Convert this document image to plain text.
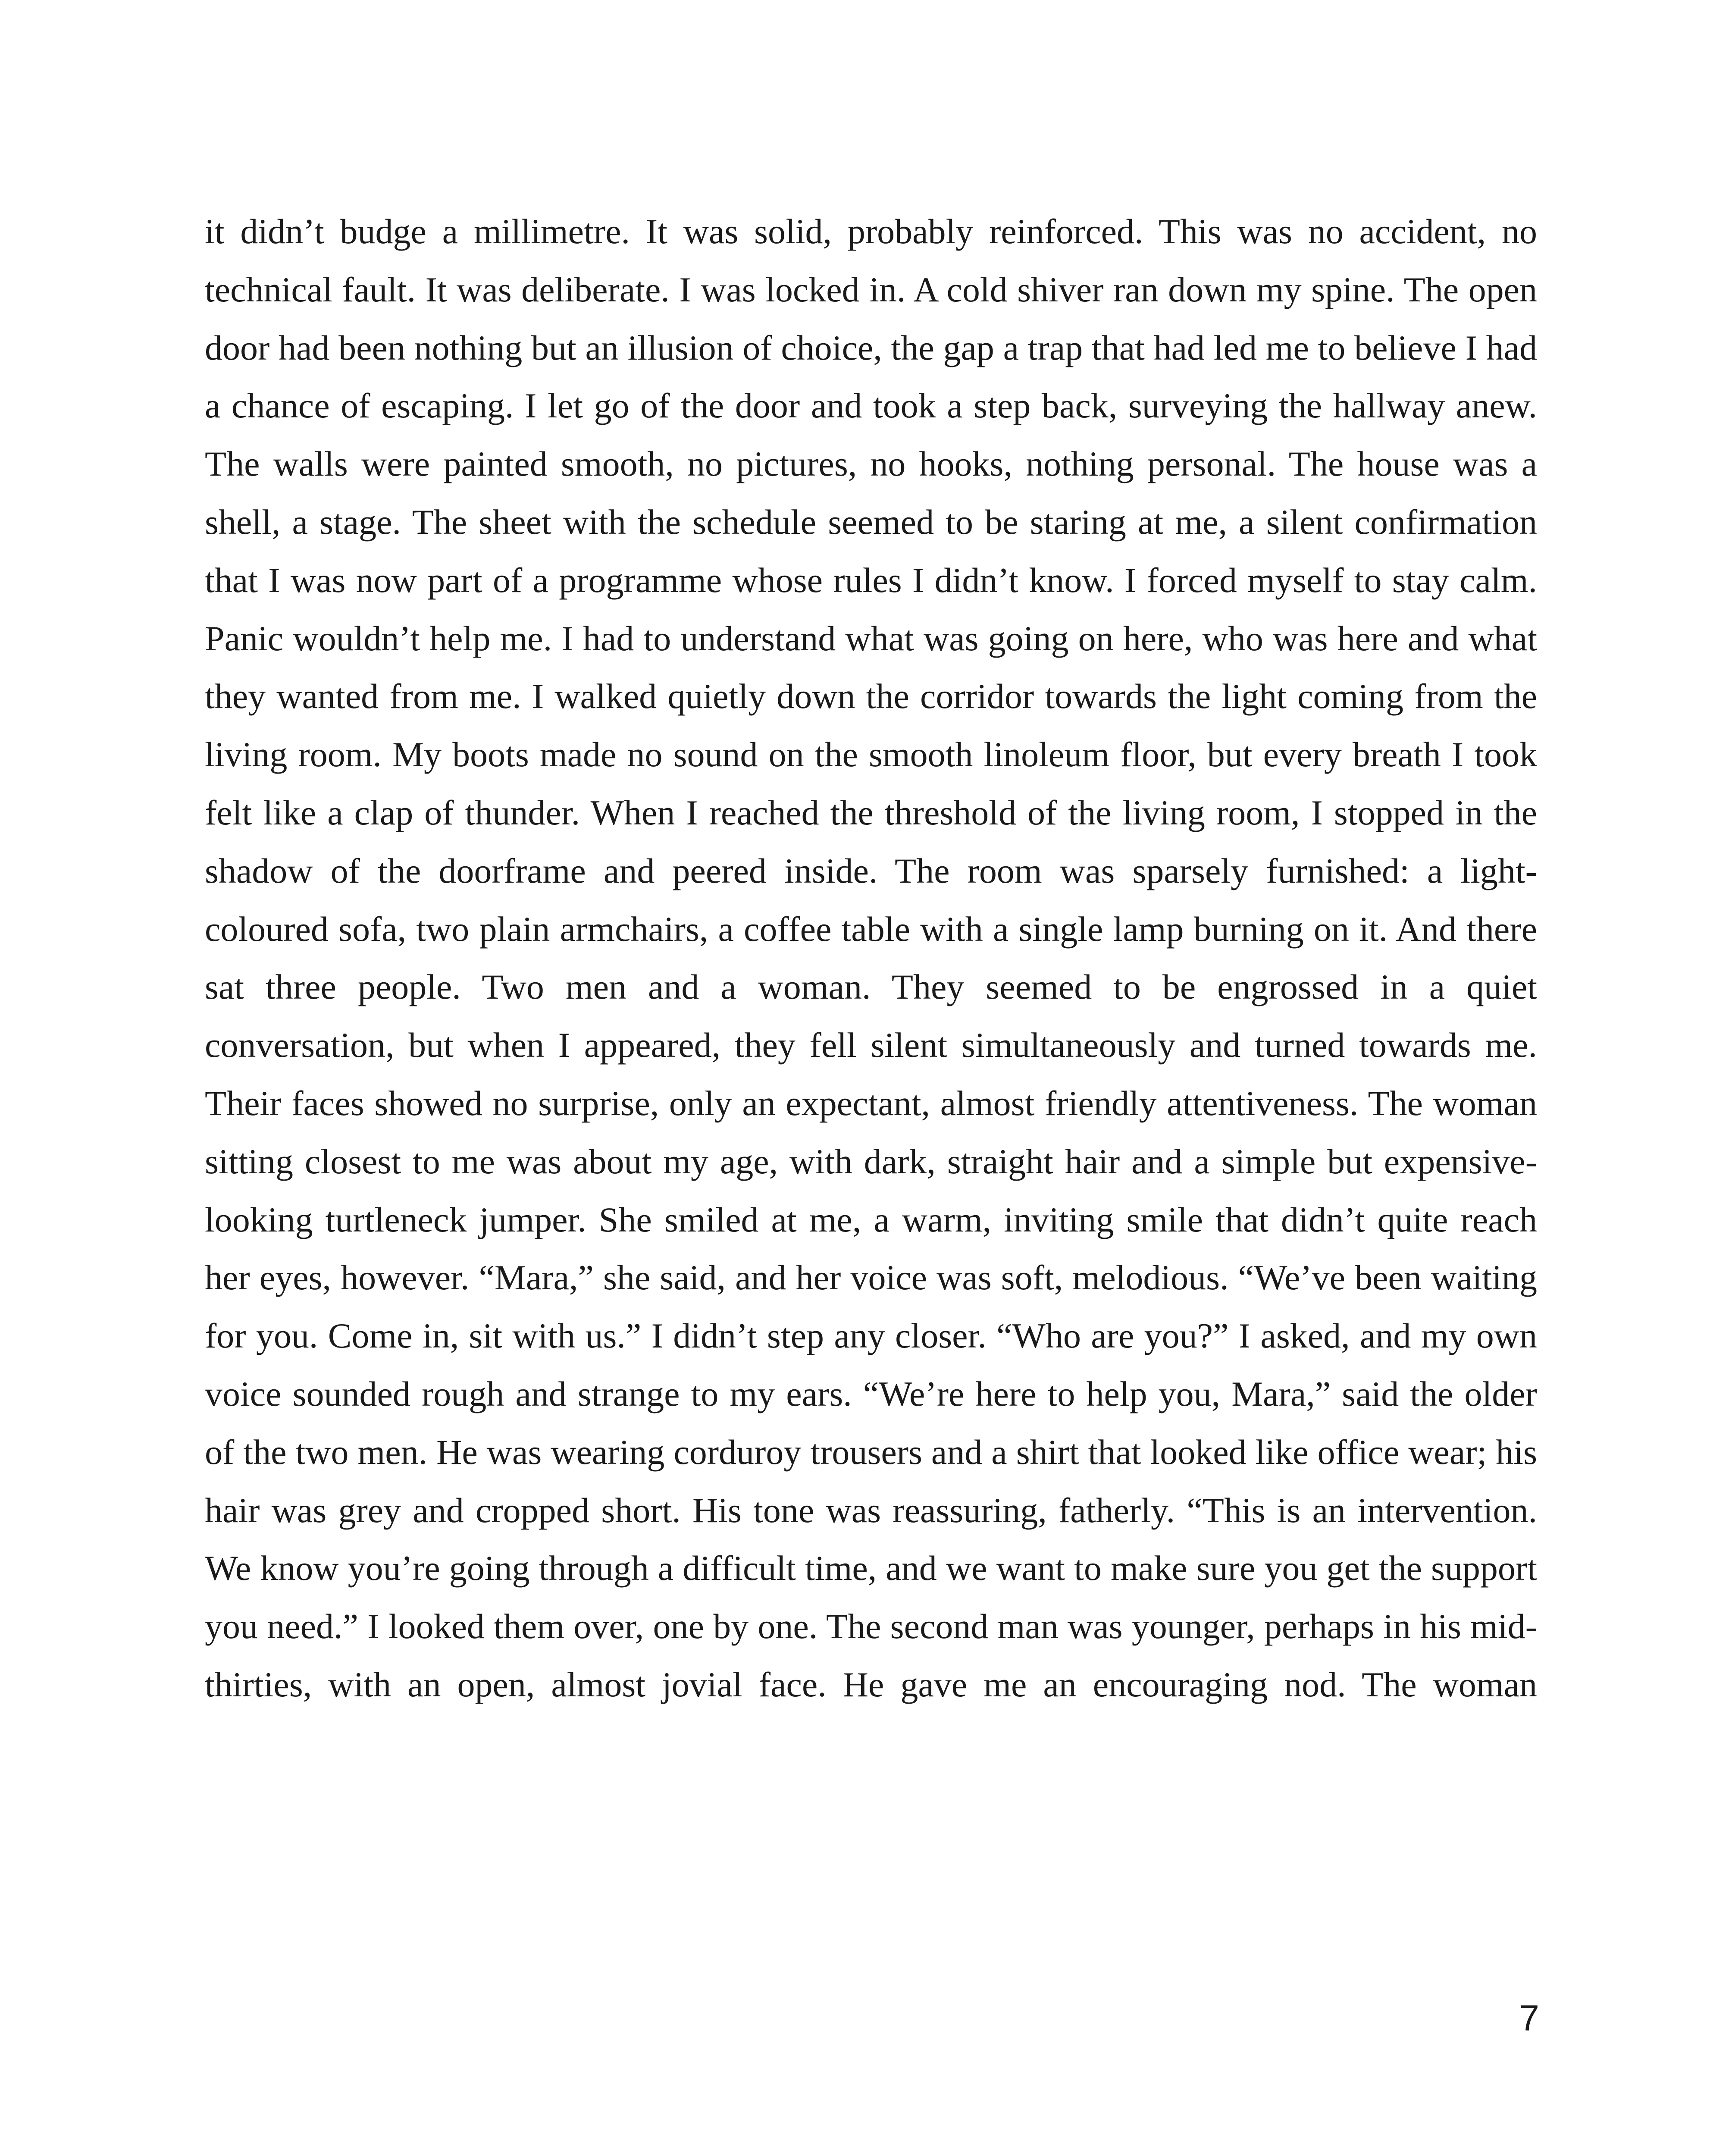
it didn’t budge a millimetre. It was solid, probably reinforced. This was no accident, no technical fault. It was deliberate. I was locked in. A cold shiver ran down my spine. The open door had been nothing but an illusion of choice, the gap a trap that had led me to believe I had a chance of escaping. I let go of the door and took a step back, surveying the hallway anew. The walls were painted smooth, no pictures, no hooks, nothing personal. The house was a shell, a stage. The sheet with the schedule seemed to be staring at me, a silent confirmation that I was now part of a programme whose rules I didn’t know. I forced myself to stay calm. Panic wouldn’t help me. I had to understand what was going on here, who was here and what they wanted from me. I walked quietly down the corridor towards the light coming from the living room. My boots made no sound on the smooth linoleum floor, but every breath I took felt like a clap of thunder. When I reached the threshold of the living room, I stopped in the shadow of the doorframe and peered inside. The room was sparsely furnished: a light-coloured sofa, two plain armchairs, a coffee table with a single lamp burning on it. And there sat three people. Two men and a woman. They seemed to be engrossed in a quiet conversation, but when I appeared, they fell silent simultaneously and turned towards me. Their faces showed no surprise, only an expectant, almost friendly attentiveness. The woman sitting closest to me was about my age, with dark, straight hair and a simple but expensive-looking turtleneck jumper. She smiled at me, a warm, inviting smile that didn’t quite reach her eyes, however. “Mara,” she said, and her voice was soft, melodious. “We’ve been waiting for you. Come in, sit with us.” I didn’t step any closer. “Who are you?” I asked, and my own voice sounded rough and strange to my ears. “We’re here to help you, Mara,” said the older of the two men. He was wearing corduroy trousers and a shirt that looked like office wear; his hair was grey and cropped short. His tone was reassuring, fatherly. “This is an intervention. We know you’re going through a difficult time, and we want to make sure you get the support you need.” I looked them over, one by one. The second man was younger, perhaps in his mid-thirties, with an open, almost jovial face. He gave me an encouraging nod. The woman

7
